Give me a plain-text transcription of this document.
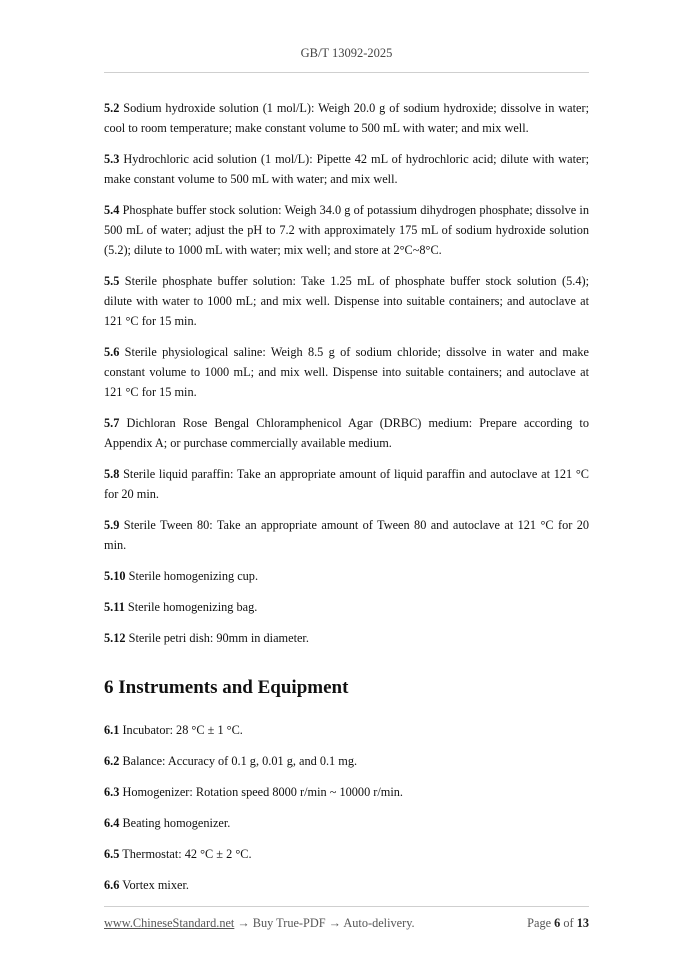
GB/T 13092-2025

5.2 Sodium hydroxide solution (1 mol/L): Weigh 20.0 g of sodium hydroxide; dissolve in water; cool to room temperature; make constant volume to 500 mL with water; and mix well.

5.3 Hydrochloric acid solution (1 mol/L): Pipette 42 mL of hydrochloric acid; dilute with water; make constant volume to 500 mL with water; and mix well.

5.4 Phosphate buffer stock solution: Weigh 34.0 g of potassium dihydrogen phosphate; dissolve in 500 mL of water; adjust the pH to 7.2 with approximately 175 mL of sodium hydroxide solution (5.2); dilute to 1000 mL with water; mix well; and store at 2°C~8°C.

5.5 Sterile phosphate buffer solution: Take 1.25 mL of phosphate buffer stock solution (5.4); dilute with water to 1000 mL; and mix well. Dispense into suitable containers; and autoclave at 121 °C for 15 min.

5.6 Sterile physiological saline: Weigh 8.5 g of sodium chloride; dissolve in water and make constant volume to 1000 mL; and mix well. Dispense into suitable containers; and autoclave at 121 °C for 15 min.

5.7 Dichloran Rose Bengal Chloramphenicol Agar (DRBC) medium: Prepare according to Appendix A; or purchase commercially available medium.

5.8 Sterile liquid paraffin: Take an appropriate amount of liquid paraffin and autoclave at 121 °C for 20 min.

5.9 Sterile Tween 80: Take an appropriate amount of Tween 80 and autoclave at 121 °C for 20 min.

5.10 Sterile homogenizing cup.

5.11 Sterile homogenizing bag.

5.12 Sterile petri dish: 90mm in diameter.

6 Instruments and Equipment

6.1 Incubator: 28 °C ± 1 °C.

6.2 Balance: Accuracy of 0.1 g, 0.01 g, and 0.1 mg.

6.3 Homogenizer: Rotation speed 8000 r/min ~ 10000 r/min.

6.4 Beating homogenizer.

6.5 Thermostat: 42 °C ± 2 °C.

6.6 Vortex mixer.

www.ChineseStandard.net → Buy True-PDF → Auto-delivery.	Page 6 of 13
